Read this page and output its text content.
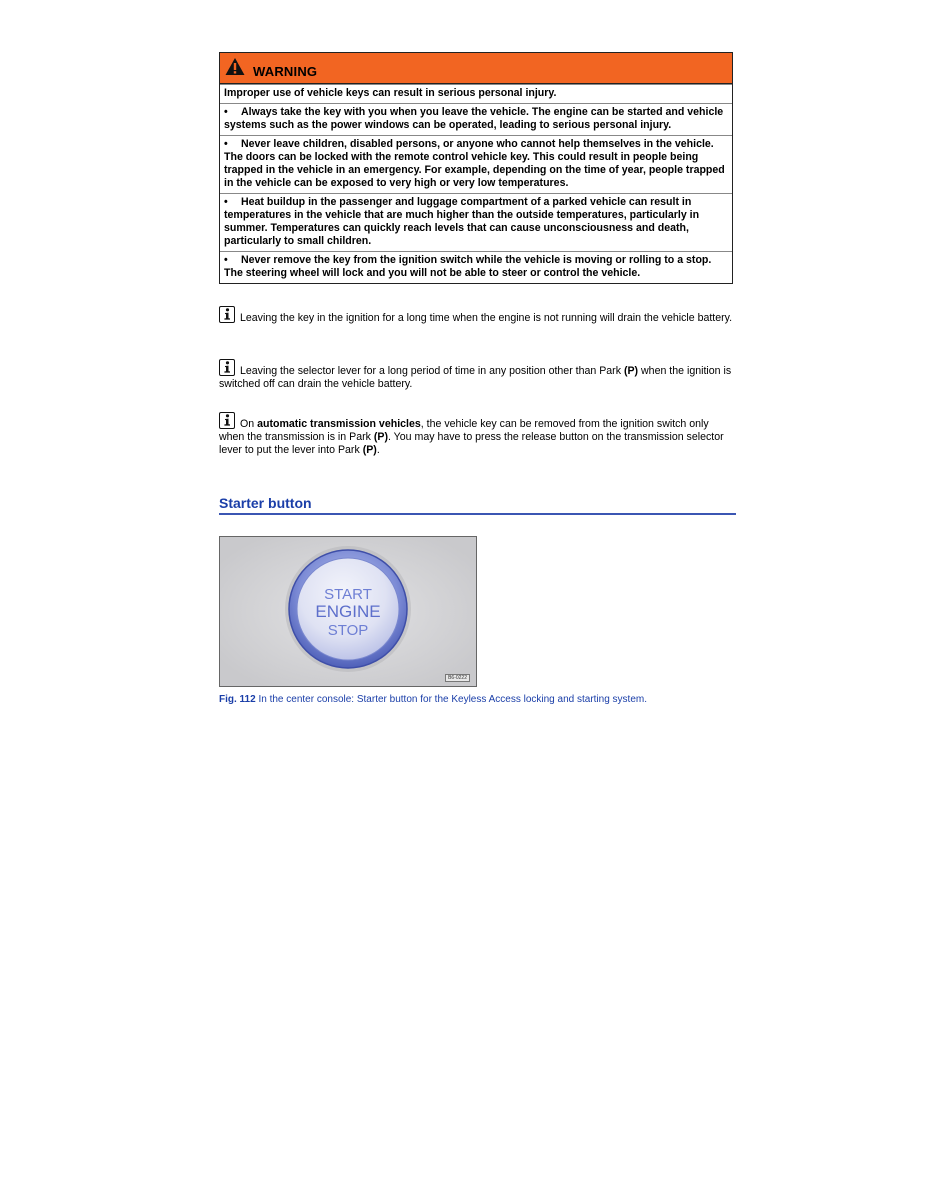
WARNING
Improper use of vehicle keys can result in serious personal injury.
• Always take the key with you when you leave the vehicle. The engine can be started and vehicle systems such as the power windows can be operated, leading to serious personal injury.
• Never leave children, disabled persons, or anyone who cannot help themselves in the vehicle. The doors can be locked with the remote control vehicle key. This could result in people being trapped in the vehicle in an emergency. For example, depending on the time of year, people trapped in the vehicle can be exposed to very high or very low temperatures.
• Heat buildup in the passenger and luggage compartment of a parked vehicle can result in temperatures in the vehicle that are much higher than the outside temperatures, particularly in summer. Temperatures can quickly reach levels that can cause unconsciousness and death, particularly to small children.
• Never remove the key from the ignition switch while the vehicle is moving or rolling to a stop. The steering wheel will lock and you will not be able to steer or control the vehicle.
Leaving the key in the ignition for a long time when the engine is not running will drain the vehicle battery.
Leaving the selector lever for a long period of time in any position other than Park (P) when the ignition is switched off can drain the vehicle battery.
On automatic transmission vehicles, the vehicle key can be removed from the ignition switch only when the transmission is in Park (P). You may have to press the release button on the transmission selector lever to put the lever into Park (P).
Starter button
START
ENGINE
STOP
B6-0222
Fig. 112 In the center console: Starter button for the Keyless Access locking and starting system.
